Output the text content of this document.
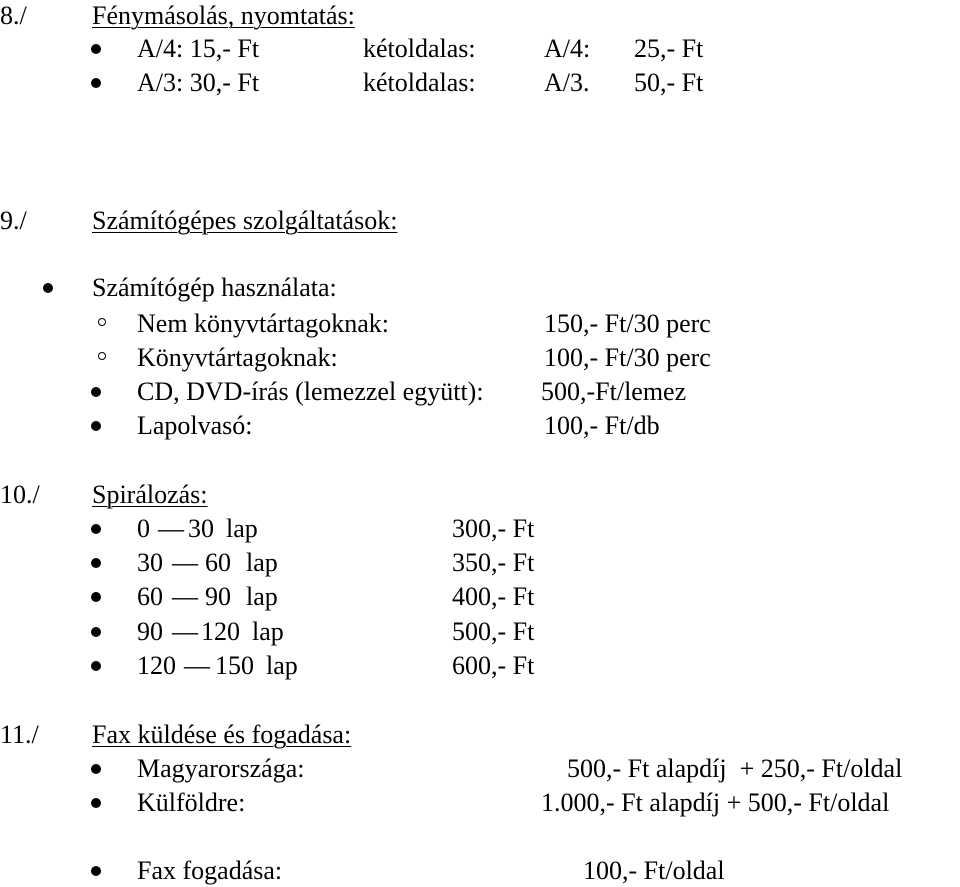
8./	Fénymásolás, nyomtatás:
A/4: 15,- Ft	kétoldalas:	A/4: 25,- Ft
A/3: 30,- Ft	kétoldalas:	A/3. 50,- Ft
9./	Számítógépes szolgáltatások:
Számítógép használata:
Nem könyvtártagoknak:	150,- Ft/30 perc
Könyvtártagoknak:	100,- Ft/30 perc
CD, DVD-írás (lemezzel együtt): 500,-Ft/lemez
Lapolvasó:	100,- Ft/db
10./ Spirálozás:
0 — 30 lap	300,- Ft
30 — 60 lap	350,- Ft
60 — 90 lap	400,- Ft
90 — 120 lap	500,- Ft
120 — 150 lap	600,- Ft
11./ Fax küldése és fogadása:
Magyarországa:	500,- Ft alapdíj  + 250,- Ft/oldal
Külföldre:	1.000,- Ft alapdíj + 500,- Ft/oldal
Fax fogadása:	100,- Ft/oldal
